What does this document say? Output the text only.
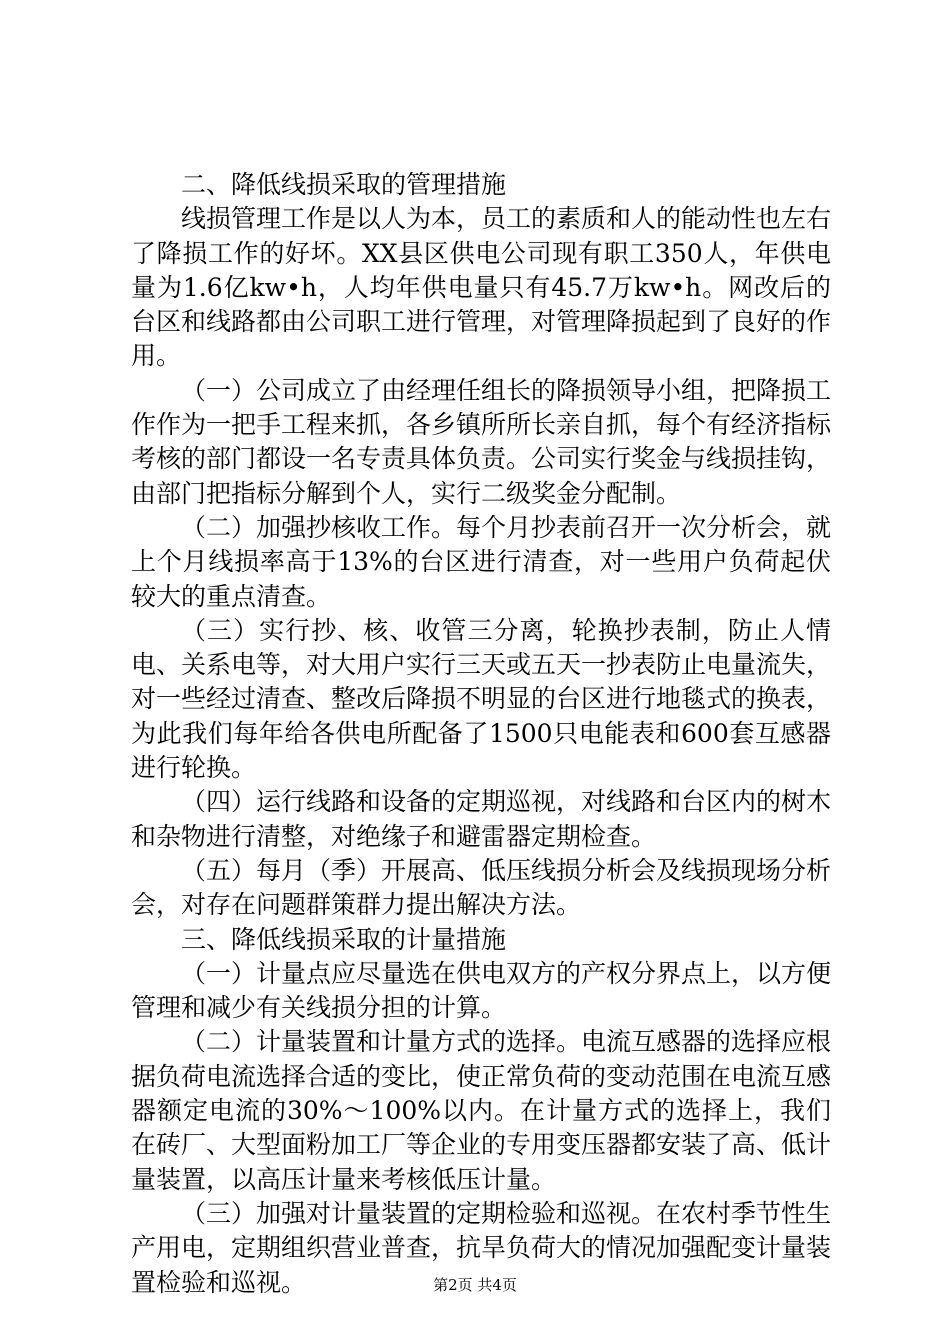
二、降低线损采取的管理措施

线损管理工作是以人为本，员工的素质和人的能动性也左右了降损工作的好坏。XX县区供电公司现有职工350人，年供电量为1.6亿kw•h，人均年供电量只有45.7万kw•h。网改后的台区和线路都由公司职工进行管理，对管理降损起到了良好的作用。

（一）公司成立了由经理任组长的降损领导小组，把降损工作作为一把手工程来抓，各乡镇所所长亲自抓，每个有经济指标考核的部门都设一名专责具体负责。公司实行奖金与线损挂钩，由部门把指标分解到个人，实行二级奖金分配制。

（二）加强抄核收工作。每个月抄表前召开一次分析会，就上个月线损率高于13%的台区进行清查，对一些用户负荷起伏较大的重点清查。

（三）实行抄、核、收管三分离，轮换抄表制，防止人情电、关系电等，对大用户实行三天或五天一抄表防止电量流失，对一些经过清查、整改后降损不明显的台区进行地毯式的换表，为此我们每年给各供电所配备了1500只电能表和600套互感器进行轮换。

（四）运行线路和设备的定期巡视，对线路和台区内的树木和杂物进行清整，对绝缘子和避雷器定期检查。

（五）每月（季）开展高、低压线损分析会及线损现场分析会，对存在问题群策群力提出解决方法。

三、降低线损采取的计量措施

（一）计量点应尽量选在供电双方的产权分界点上，以方便管理和减少有关线损分担的计算。

（二）计量装置和计量方式的选择。电流互感器的选择应根据负荷电流选择合适的变比，使正常负荷的变动范围在电流互感器额定电流的30%～100%以内。在计量方式的选择上，我们在砖厂、大型面粉加工厂等企业的专用变压器都安装了高、低计量装置，以高压计量来考核低压计量。

（三）加强对计量装置的定期检验和巡视。在农村季节性生产用电，定期组织营业普查，抗旱负荷大的情况加强配变计量装置检验和巡视。	第2页 共4页
